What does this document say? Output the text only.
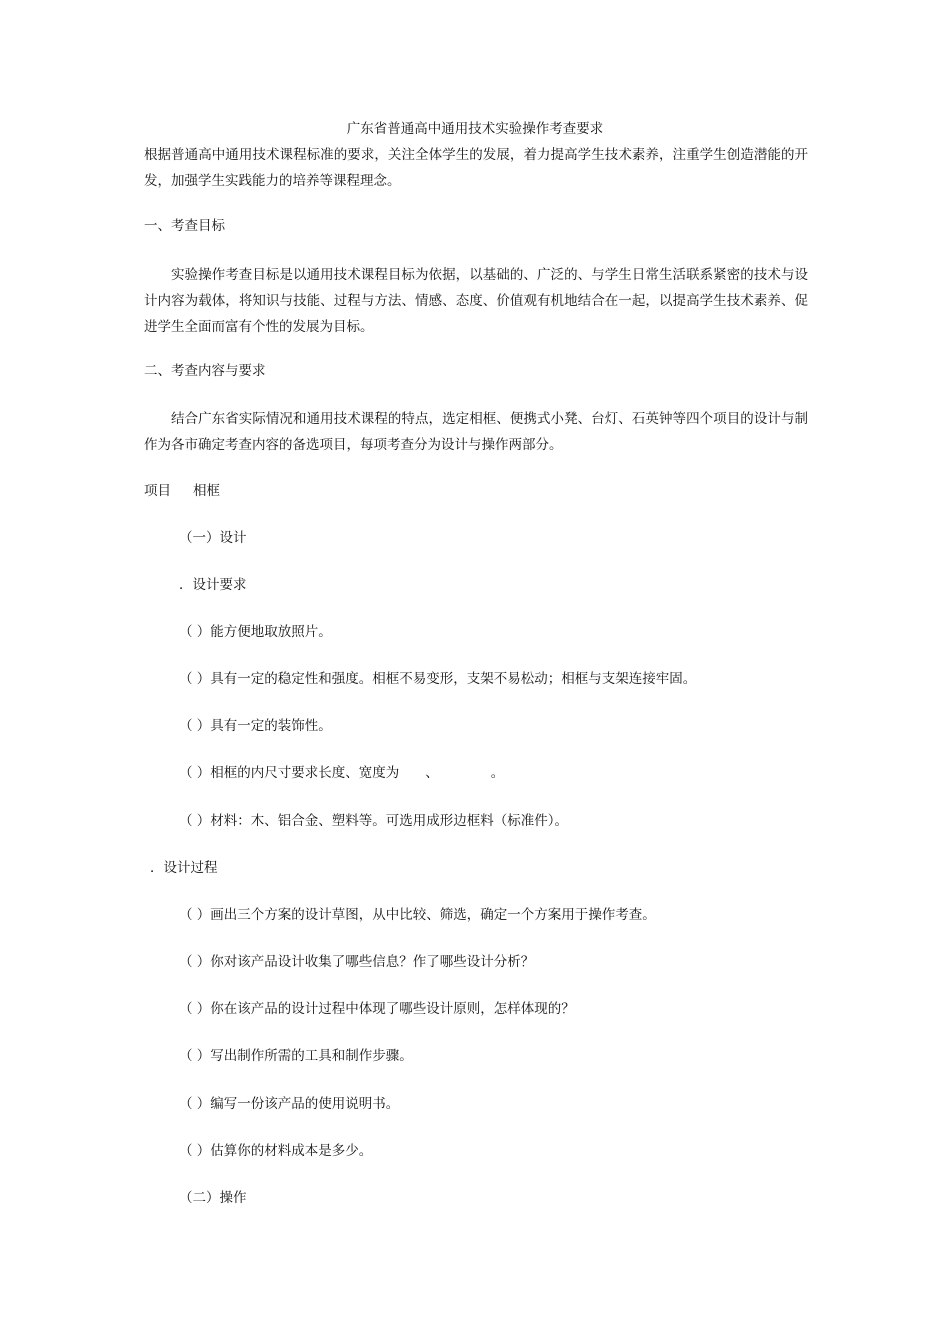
广东省普通高中通用技术实验操作考查要求

根据普通高中通用技术课程标准的要求，关注全体学生的发展，着力提高学生技术素养，注重学生创造潜能的开发，加强学生实践能力的培养等课程理念。

一、考查目标

实验操作考查目标是以通用技术课程目标为依据，以基础的、广泛的、与学生日常生活联系紧密的技术与设计内容为载体，将知识与技能、过程与方法、情感、态度、价值观有机地结合在一起，以提高学生技术素养、促进学生全面而富有个性的发展为目标。

二、考查内容与要求

结合广东省实际情况和通用技术课程的特点，选定相框、便携式小凳、台灯、石英钟等四个项目的设计与制作为各市确定考查内容的备选项目，每项考查分为设计与操作两部分。

项目 相框

（一）设计

．设计要求

（ ）能方便地取放照片。

（ ）具有一定的稳定性和强度。相框不易变形，支架不易松动；相框与支架连接牢固。

（ ）具有一定的装饰性。

（ ）相框的内尺寸要求长度、宽度为 、	。

（ ）材料：木、铝合金、塑料等。可选用成形边框料（标准件）。

．设计过程

（ ）画出三个方案的设计草图，从中比较、筛选，确定一个方案用于操作考查。

（ ）你对该产品设计收集了哪些信息？作了哪些设计分析？

（ ）你在该产品的设计过程中体现了哪些设计原则，怎样体现的？

（ ）写出制作所需的工具和制作步骤。

（ ）编写一份该产品的使用说明书。

（ ）估算你的材料成本是多少。

（二）操作
